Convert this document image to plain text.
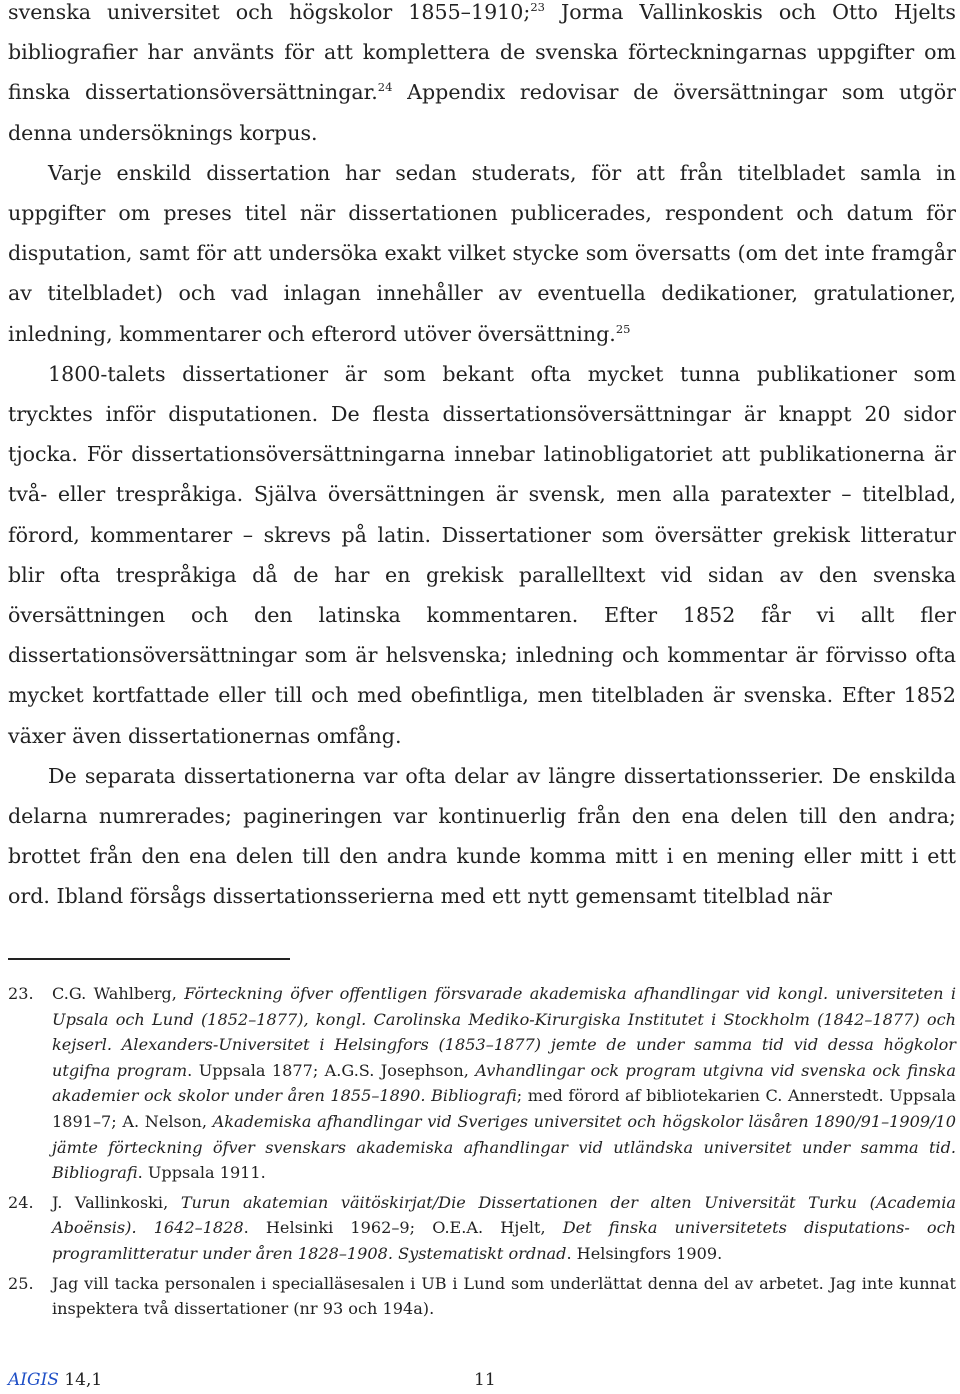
svenska universitet och högskolor 1855–1910;$^{23}$ Jorma Vallinkoskis och Otto Hjelts bibliografier har använts för att komplettera de svenska förteckningarnas uppgifter om finska dissertationsöversättningar.$^{24}$ Appendix redovisar de översättningar som utgör denna undersöknings korpus.

Varje enskild dissertation har sedan studerats, för att från titelbladet samla in uppgifter om preses titel när dissertationen publicerades, respondent och datum för disputation, samt för att undersöka exakt vilket stycke som översatts (om det inte framgår av titelbladet) och vad inlagan innehåller av eventuella dedikationer, gratulationer, inledning, kommentarer och efterord utöver översättning.$^{25}$

1800-talets dissertationer är som bekant ofta mycket tunna publikationer som trycktes inför disputationen. De flesta dissertationsöversättningar är knappt 20 sidor tjocka. För dissertationsöversättningarna innebar latinobligatoriet att publikationerna är två- eller trespråkiga. Själva översättningen är svensk, men alla paratexter – titelblad, förord, kommentarer – skrevs på latin. Dissertationer som översätter grekisk litteratur blir ofta trespråkiga då de har en grekisk parallelltext vid sidan av den svenska översättningen och den latinska kommentaren. Efter 1852 får vi allt fler dissertationsöversättningar som är helsvenska; inledning och kommentar är förvisso ofta mycket kortfattade eller till och med obefintliga, men titelbladen är svenska. Efter 1852 växer även dissertationernas omfång.

De separata dissertationerna var ofta delar av längre dissertationsserier. De enskilda delarna numrerades; pagineringen var kontinuerlig från den ena delen till den andra; brottet från den ena delen till den andra kunde komma mitt i en mening eller mitt i ett ord. Ibland försågs dissertationsserierna med ett nytt gemensamt titelblad när

23.	C.G. Wahlberg, Förteckning öfver offentligen försvarade akademiska afhandlingar vid kongl. universiteten i Upsala och Lund (1852–1877), kongl. Carolinska Mediko-Kirurgiska Institutet i Stockholm (1842–1877) och kejserl. Alexanders-Universitet i Helsingfors (1853–1877) jemte de under samma tid vid dessa högkolor utgifna program. Uppsala 1877; A.G.S. Josephson, Avhandlingar ock program utgivna vid svenska ock finska akademier ock skolor under åren 1855–1890. Bibliografi; med förord af bibliotekarien C. Annerstedt. Uppsala 1891–7; A. Nelson, Akademiska afhandlingar vid Sveriges universitet och högskolor läsåren 1890/91–1909/10 jämte förteckning öfver svenskars akademiska afhandlingar vid utländska universitet under samma tid. Bibliografi. Uppsala 1911.
24.	J. Vallinkoski, Turun akatemian väitöskirjat/Die Dissertationen der alten Universität Turku (Academia Aboënsis). 1642–1828. Helsinki 1962–9; O.E.A. Hjelt, Det finska universitetets disputations- och programlitteratur under åren 1828–1908. Systematiskt ordnad. Helsingfors 1909.
25.	Jag vill tacka personalen i specialläsesalen i UB i Lund som underlättat denna del av arbetet. Jag inte kunnat inspektera två dissertationer (nr 93 och 194a).
AIGIS 14,1	11
